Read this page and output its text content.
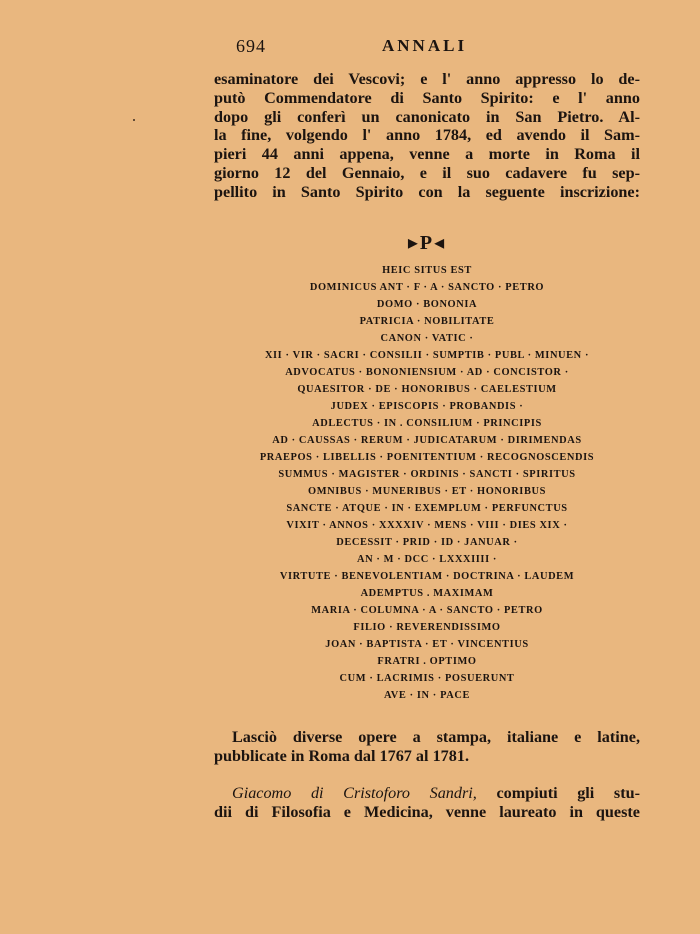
694	ANNALI
esaminatore dei Vescovi; e l' anno appresso lo de-
putò Commendatore di Santo Spirito: e l' anno
dopo gli conferì un canonicato in San Pietro. Al-
la fine, volgendo l' anno 1784, ed avendo il Sam-
pieri 44 anni appena, venne a morte in Roma il
giorno 12 del Gennaio, e il suo cadavere fu sep-
pellito in Santo Spirito con la seguente inscrizione:
▸P◂
HEIC SITUS EST
DOMINICUS ANT · F · A · SANCTO · PETRO
DOMO · BONONIA
PATRICIA · NOBILITATE
CANON · VATIC ·
XII · VIR · SACRI · CONSILII · SUMPTIB · PUBL · MINUEN ·
ADVOCATUS · BONONIENSIUM · AD · CONCISTOR ·
QUAESITOR · DE · HONORIBUS · CAELESTIUM
JUDEX · EPISCOPIS · PROBANDIS ·
ADLECTUS · IN . CONSILIUM · PRINCIPIS
AD · CAUSSAS · RERUM · JUDICATARUM · DIRIMENDAS
PRAEPOS · LIBELLIS · POENITENTIUM · RECOGNOSCENDIS
SUMMUS · MAGISTER · ORDINIS · SANCTI · SPIRITUS
OMNIBUS · MUNERIBUS · ET · HONORIBUS
SANCTE · ATQUE · IN · EXEMPLUM · PERFUNCTUS
VIXIT · ANNOS · XXXXIV · MENS · VIII · DIES XIX ·
DECESSIT · PRID · ID · JANUAR ·
AN · M · DCC · LXXXIIII ·
VIRTUTE · BENEVOLENTIAM · DOCTRINA · LAUDEM
ADEMPTUS . MAXIMAM
MARIA · COLUMNA · A · SANCTO · PETRO
FILIO · REVERENDISSIMO
JOAN · BAPTISTA · ET · VINCENTIUS
FRATRI . OPTIMO
CUM · LACRIMIS · POSUERUNT
AVE · IN · PACE
Lasciò diverse opere a stampa, italiane e latine,
pubblicate in Roma dal 1767 al 1781.
Giacomo di Cristoforo Sandri, compiuti gli stu-
dii di Filosofia e Medicina, venne laureato in queste
